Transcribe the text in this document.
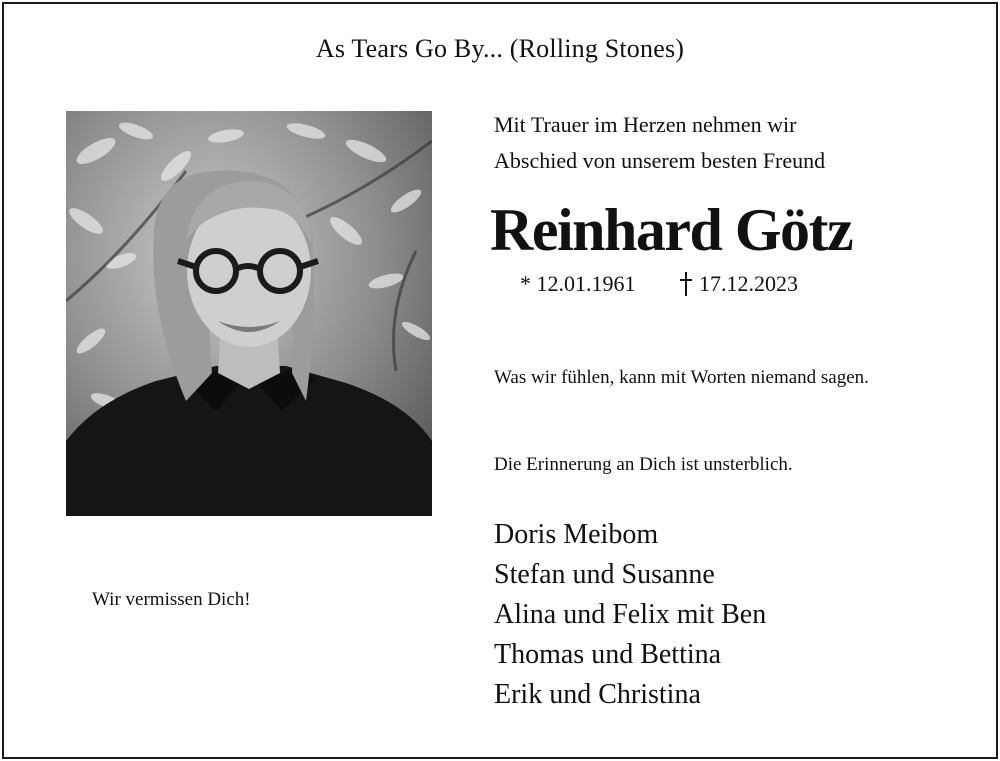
As Tears Go By... (Rolling Stones)
Wir vermissen Dich!
Mit Trauer im Herzen nehmen wir
Abschied von unserem besten Freund
Reinhard Götz
* 12.01.1961	17.12.2023
Was wir fühlen, kann mit Worten niemand sagen.
Die Erinnerung an Dich ist unsterblich.
Doris Meibom
Stefan und Susanne
Alina und Felix mit Ben
Thomas und Bettina
Erik und Christina
